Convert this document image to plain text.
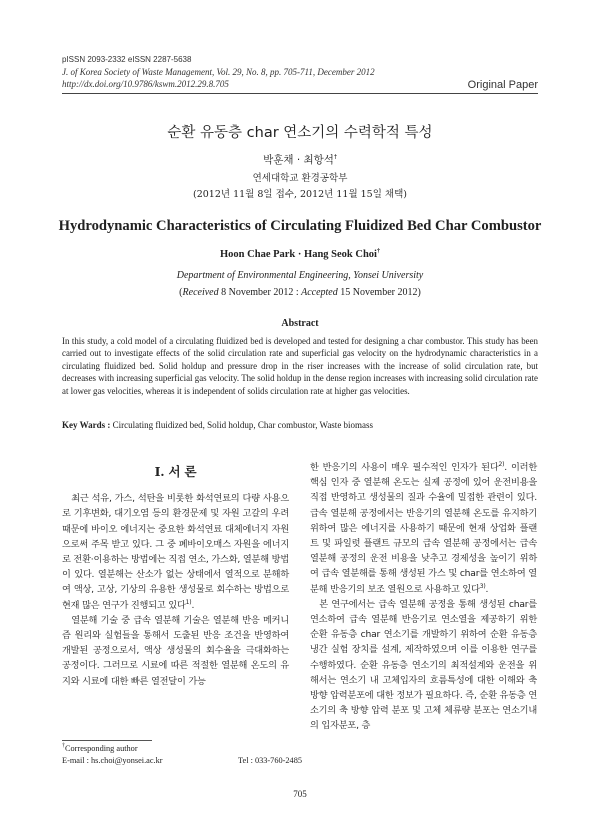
pISSN 2093-2332 eISSN 2287-5638
J. of Korea Society of Waste Management, Vol. 29, No. 8, pp. 705-711, December 2012
http://dx.doi.org/10.9786/kswm.2012.29.8.705	Original Paper
순환 유동층 char 연소기의 수력학적 특성
박훈채 · 최항석†
연세대학교 환경공학부
(2012년 11월 8일 접수, 2012년 11월 15일 채택)
Hydrodynamic Characteristics of Circulating Fluidized Bed Char Combustor
Hoon Chae Park · Hang Seok Choi†
Department of Environmental Engineering, Yonsei University
(Received 8 November 2012 : Accepted 15 November 2012)
Abstract
In this study, a cold model of a circulating fluidized bed is developed and tested for designing a char combustor. This study has been carried out to investigate effects of the solid circulation rate and superficial gas velocity on the hydrodynamic characteristics in a circulating fluidized bed. Solid holdup and pressure drop in the riser increases with the increase of solid circulation rate, but decreases with increasing superficial gas velocity. The solid holdup in the dense region increases with increasing solid circulation rate at lower gas velocities, whereas it is independent of solids circulation rate at higher gas velocities.
Key Wards : Circulating fluidized bed, Solid holdup, Char combustor, Waste biomass
I. 서 론

최근 석유, 가스, 석탄을 비롯한 화석연료의 다량 사용으로 기후변화, 대기오염 등의 환경문제 및 자원 고갈의 우려 때문에 바이오 에너지는 중요한 화석연료 대체에너지 자원으로써 주목 받고 있다. 그 중 폐바이오매스 자원을 에너지로 전환·이용하는 방법에는 직접 연소, 가스화, 열분해 방법이 있다. 열분해는 산소가 없는 상태에서 열적으로 분해하여 액상, 고상, 기상의 유용한 생성물로 회수하는 방법으로 현재 많은 연구가 진행되고 있다$^{1)}$.

열분해 기술 중 급속 열분해 기술은 열분해 반응 메커니즘 원리와 실험들을 통해서 도출된 반응 조건을 반영하여 개발된 공정으로서, 액상 생성물의 회수율을 극대화하는 공정이다. 그러므로 시료에 따른 적절한 열분해 온도의 유지와 시료에 대한 빠른 열전달이 가능

한 반응기의 사용이 매우 필수적인 인자가 된다$^{2)}$. 이러한 핵심 인자 중 열분해 온도는 실제 공정에 있어 운전비용을 직접 반영하고 생성물의 질과 수율에 밀접한 관련이 있다. 급속 열분해 공정에서는 반응기의 열분해 온도를 유지하기 위하여 많은 에너지를 사용하기 때문에 현재 상업화 플랜트 및 파일럿 플랜트 규모의 급속 열분해 공정에서는 급속 열분해 공정의 운전 비용을 낮추고 경제성을 높이기 위하여 급속 열분해를 통해 생성된 가스 및 char를 연소하여 열분해 반응기의 보조 열원으로 사용하고 있다$^{3)}$.

본 연구에서는 급속 열분해 공정을 통해 생성된 char를 연소하여 급속 열분해 반응기로 연소열을 제공하기 위한 순환 유동층 char 연소기를 개발하기 위하여 순환 유동층 냉간 실험 장치를 설계, 제작하였으며 이를 이용한 연구를 수행하였다. 순환 유동층 연소기의 최적설계와 운전을 위해서는 연소기 내 고체입자의 흐름특성에 대한 이해와 축 방향 압력분포에 대한 정보가 필요하다. 즉, 순환 유동층 연소기의 축 방향 압력 분포 및 고체 체류량 분포는 연소기내의 입자분포, 층

†Corresponding author
E-mail : hs.choi@yonsei.ac.kr	Tel : 033-760-2485
705
